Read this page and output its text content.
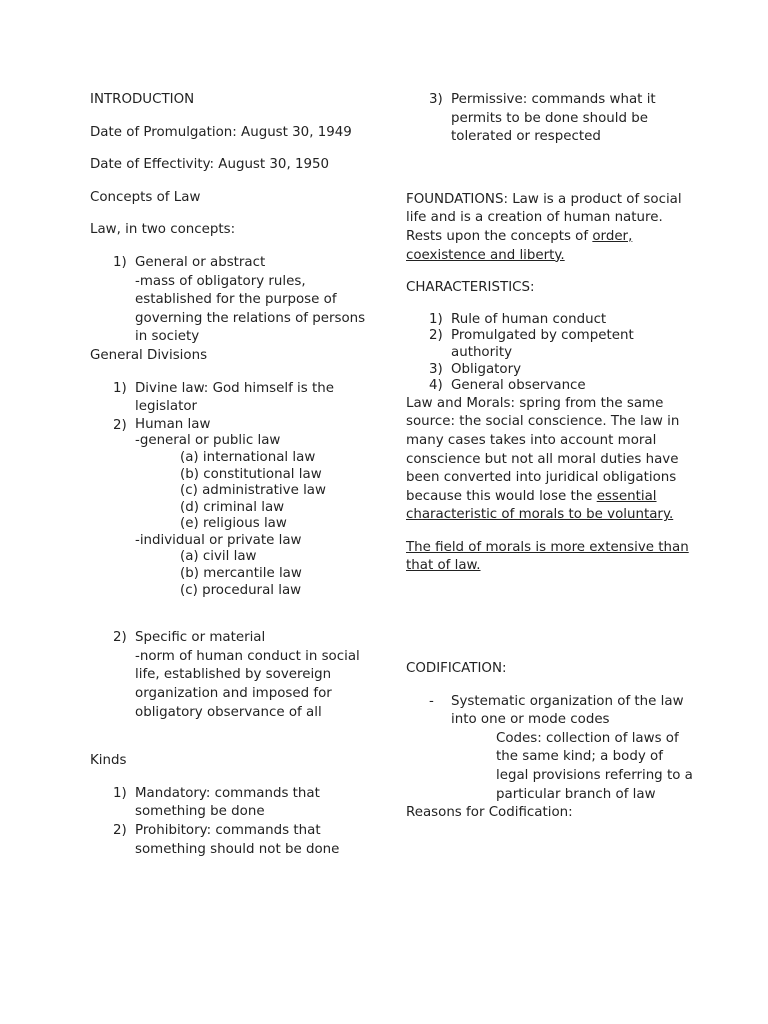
INTRODUCTION

Date of Promulgation: August 30, 1949

Date of Effectivity: August 30, 1950

Concepts of Law

Law, in two concepts:

1) General or abstract
-mass of obligatory rules, established for the purpose of governing the relations of persons in society

General Divisions

1) Divine law: God himself is the legislator
2) Human law
-general or public law
(a) international law
(b) constitutional law
(c) administrative law
(d) criminal law
(e) religious law
-individual or private law
(a) civil law
(b) mercantile law
(c) procedural law
2) Specific or material
-norm of human conduct in social life, established by sovereign organization and imposed for obligatory observance of all

Kinds

1) Mandatory: commands that something be done
2) Prohibitory: commands that something should not be done
3) Permissive: commands what it permits to be done should be tolerated or respected

FOUNDATIONS: Law is a product of social life and is a creation of human nature. Rests upon the concepts of order, coexistence and liberty.

CHARACTERISTICS:

1) Rule of human conduct
2) Promulgated by competent authority
3) Obligatory
4) General observance

Law and Morals: spring from the same source: the social conscience. The law in many cases takes into account moral conscience but not all moral duties have been converted into juridical obligations because this would lose the essential characteristic of morals to be voluntary.

The field of morals is more extensive than that of law.

CODIFICATION:

-	Systematic organization of the law into one or mode codes
Codes: collection of laws of the same kind; a body of legal provisions referring to a particular branch of law

Reasons for Codification:
